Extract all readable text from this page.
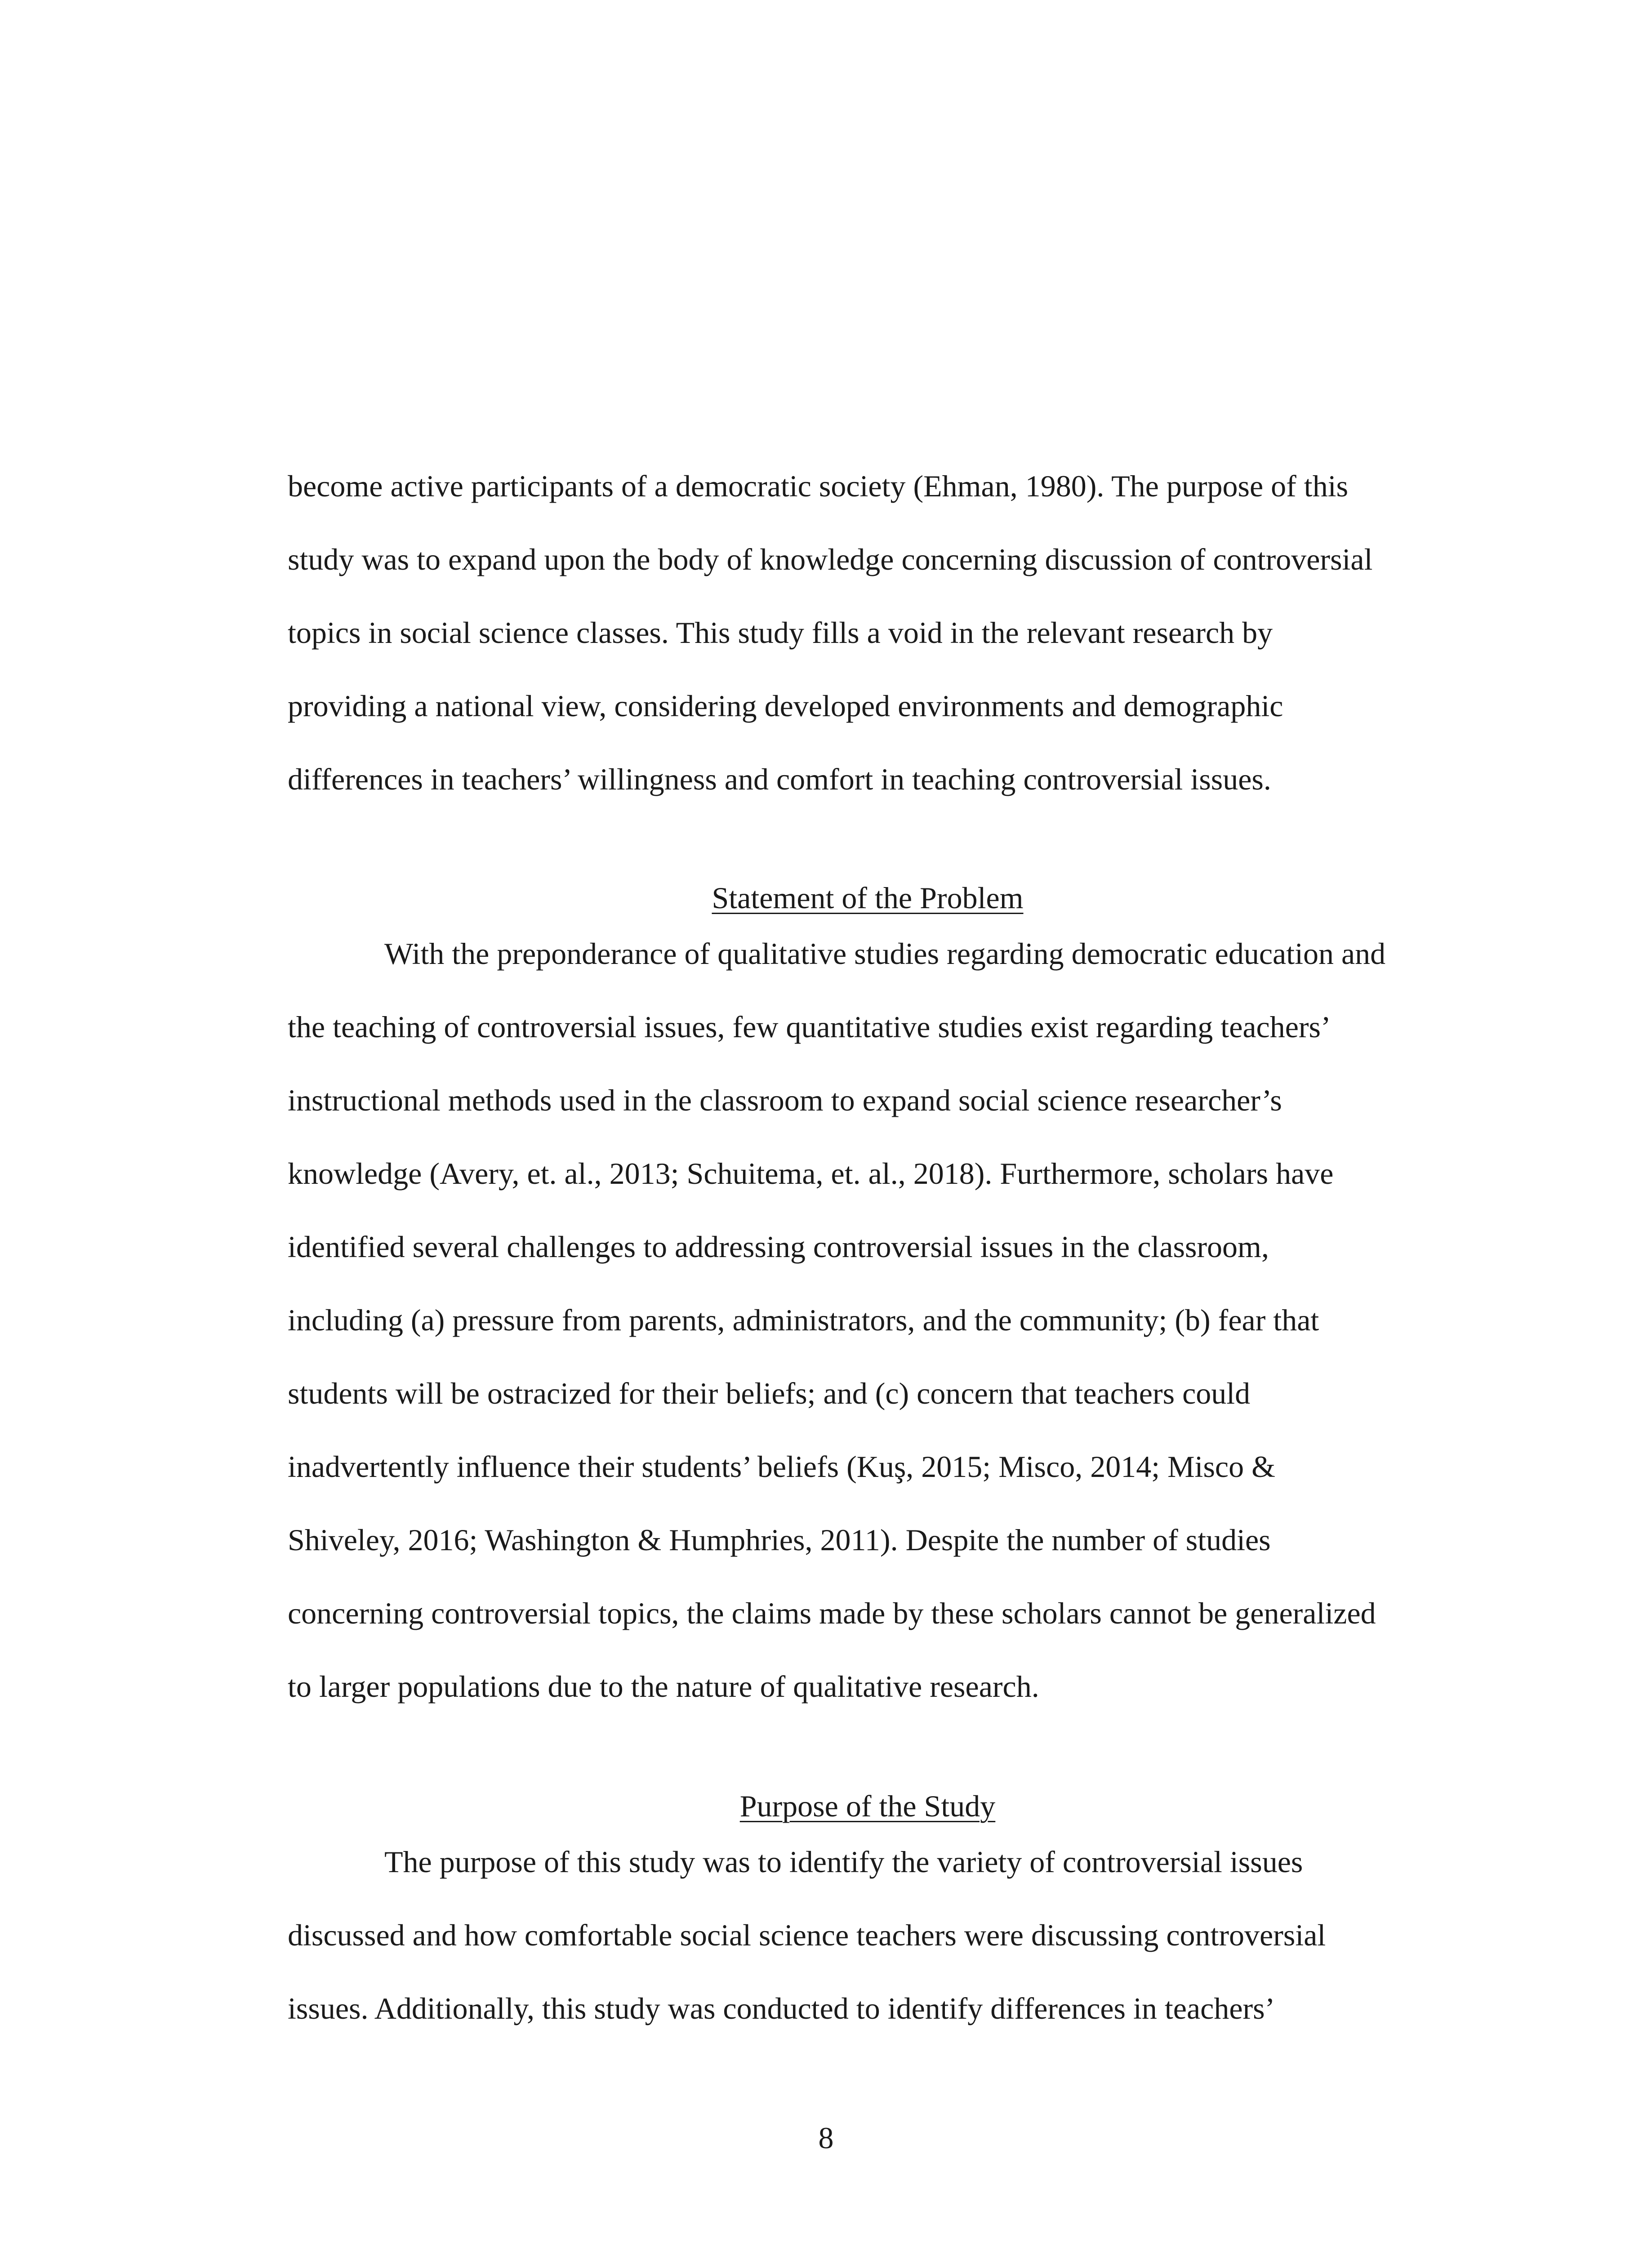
become active participants of a democratic society (Ehman, 1980). The purpose of this
study was to expand upon the body of knowledge concerning discussion of controversial
topics in social science classes. This study fills a void in the relevant research by
providing a national view, considering developed environments and demographic
differences in teachers’ willingness and comfort in teaching controversial issues.
Statement of the Problem
With the preponderance of qualitative studies regarding democratic education and
the teaching of controversial issues, few quantitative studies exist regarding teachers’
instructional methods used in the classroom to expand social science researcher’s
knowledge (Avery, et. al., 2013; Schuitema, et. al., 2018). Furthermore, scholars have
identified several challenges to addressing controversial issues in the classroom,
including (a) pressure from parents, administrators, and the community; (b) fear that
students will be ostracized for their beliefs; and (c) concern that teachers could
inadvertently influence their students’ beliefs (Kuş, 2015; Misco, 2014; Misco &
Shiveley, 2016; Washington & Humphries, 2011). Despite the number of studies
concerning controversial topics, the claims made by these scholars cannot be generalized
to larger populations due to the nature of qualitative research.
Purpose of the Study
The purpose of this study was to identify the variety of controversial issues
discussed and how comfortable social science teachers were discussing controversial
issues. Additionally, this study was conducted to identify differences in teachers’
8
